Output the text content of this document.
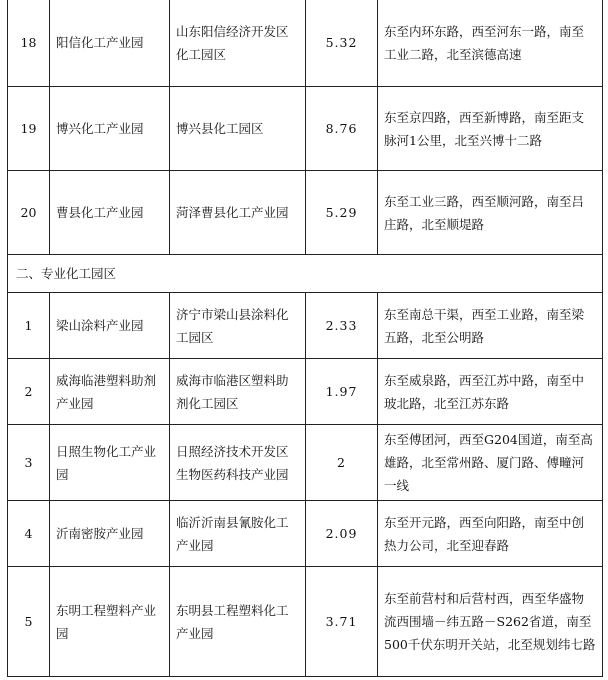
18	阳信化工产业园	山东阳信经济开发区化工园区	5.32	东至内环东路，西至河东一路，南至工业二路，北至滨德高速
19	博兴化工产业园	博兴县化工园区	8.76	东至京四路，西至新博路，南至距支脉河1公里，北至兴博十二路
20	曹县化工产业园	菏泽曹县化工产业园	5.29	东至工业三路，西至顺河路，南至吕庄路，北至顺堤路
二、专业化工园区				
1	梁山涂料产业园	济宁市梁山县涂料化工园区	2.33	东至南总干渠，西至工业路，南至梁五路，北至公明路
2	威海临港塑料助剂产业园	威海市临港区塑料助剂化工园区	1.97	东至威泉路，西至江苏中路，南至中玻北路，北至江苏东路
3	日照生物化工产业园	日照经济技术开发区生物医药科技产业园	2	东至傅团河，西至G204国道，南至高雄路，北至常州路、厦门路、傅疃河一线
4	沂南密胺产业园	临沂沂南县氰胺化工产业园	2.09	东至开元路，西至向阳路，南至中创热力公司，北至迎春路
5	东明工程塑料产业园	东明县工程塑料化工产业园	3.71	东至前营村和后营村西，西至华盛物流西围墙－纬五路－S262省道，南至500千伏东明开关站，北至规划纬七路
